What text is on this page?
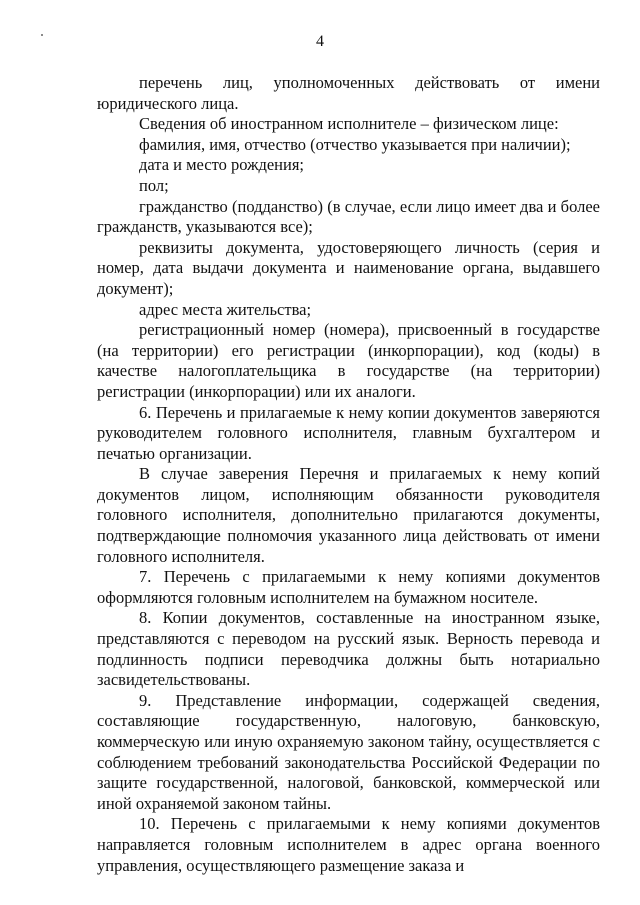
4

перечень лиц, уполномоченных действовать от имени юридического лица.

Сведения об иностранном исполнителе – физическом лице:

фамилия, имя, отчество (отчество указывается при наличии);

дата и место рождения;

пол;

гражданство (подданство) (в случае, если лицо имеет два и более гражданств, указываются все);

реквизиты документа, удостоверяющего личность (серия и номер, дата выдачи документа и наименование органа, выдавшего документ);

адрес места жительства;

регистрационный номер (номера), присвоенный в государстве (на территории) его регистрации (инкорпорации), код (коды) в качестве налогоплательщика в государстве (на территории) регистрации (инкорпорации) или их аналоги.

6. Перечень и прилагаемые к нему копии документов заверяются руководителем головного исполнителя, главным бухгалтером и печатью организации.

В случае заверения Перечня и прилагаемых к нему копий документов лицом, исполняющим обязанности руководителя головного исполнителя, дополнительно прилагаются документы, подтверждающие полномочия указанного лица действовать от имени головного исполнителя.

7. Перечень с прилагаемыми к нему копиями документов оформляются головным исполнителем на бумажном носителе.

8. Копии документов, составленные на иностранном языке, представляются с переводом на русский язык. Верность перевода и подлинность подписи переводчика должны быть нотариально засвидетельствованы.

9. Представление информации, содержащей сведения, составляющие государственную, налоговую, банковскую, коммерческую или иную охраняемую законом тайну, осуществляется с соблюдением требований законодательства Российской Федерации по защите государственной, налоговой, банковской, коммерческой или иной охраняемой законом тайны.

10. Перечень с прилагаемыми к нему копиями документов направляется головным исполнителем в адрес органа военного управления, осуществляющего размещение заказа и
